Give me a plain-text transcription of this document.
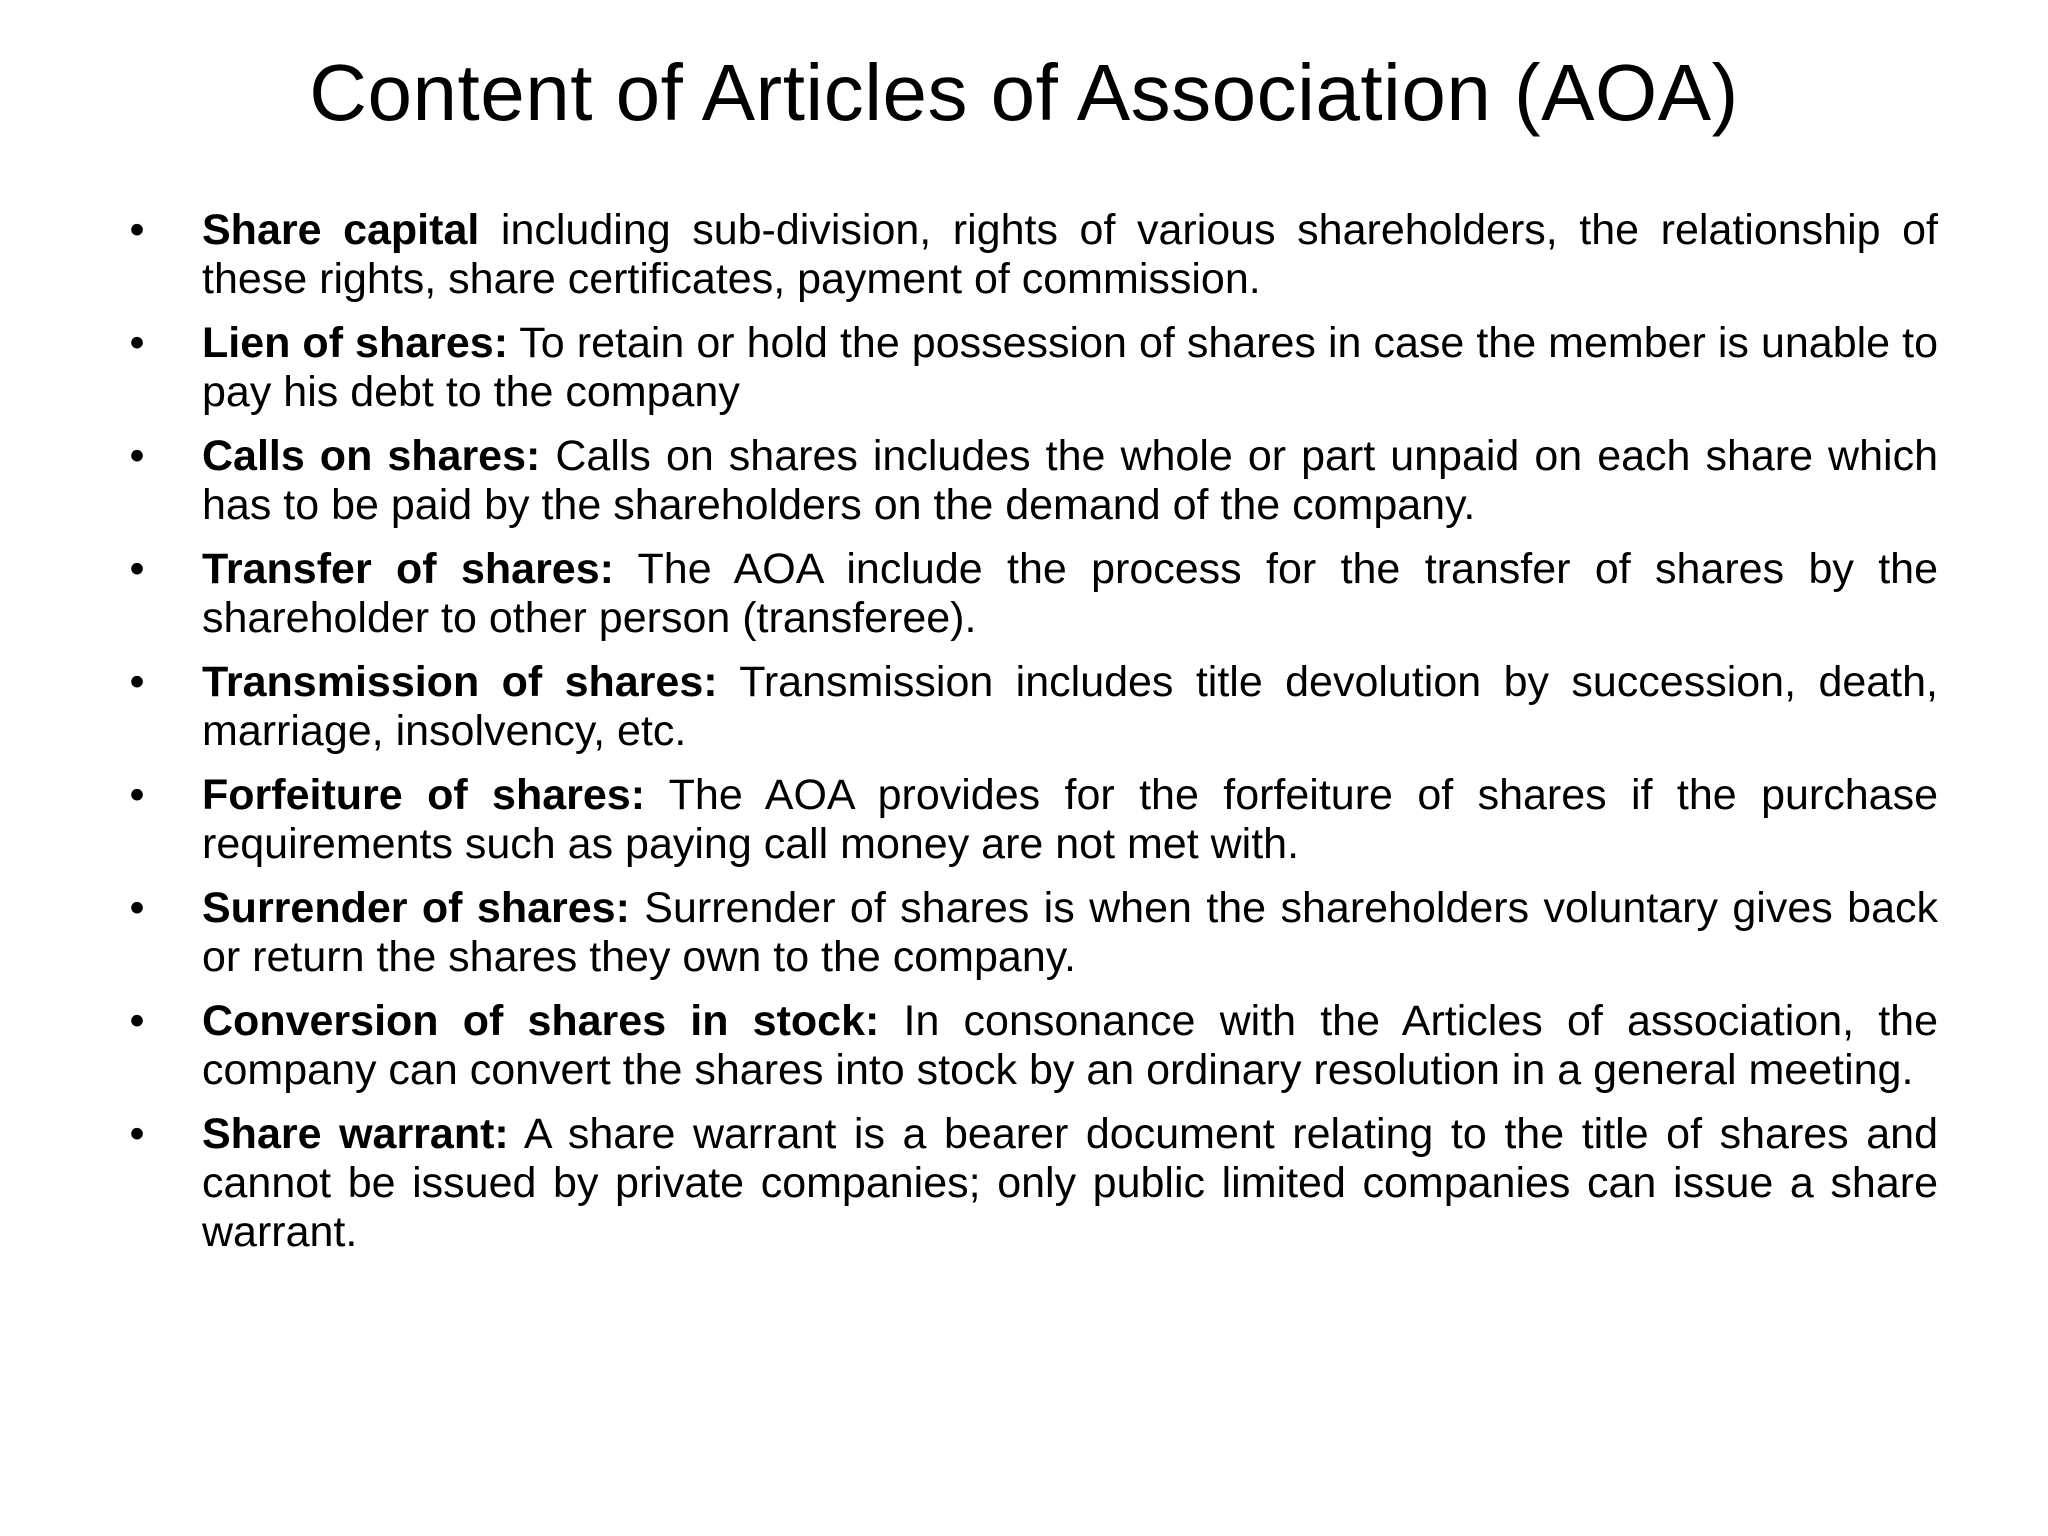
Content of Articles of Association (AOA)
• Share capital including sub-division, rights of various shareholders, the relationship of these rights, share certificates, payment of commission.
• Lien of shares: To retain or hold the possession of shares in case the member is unable to pay his debt to the company
• Calls on shares: Calls on shares includes the whole or part unpaid on each share which has to be paid by the shareholders on the demand of the company.
• Transfer of shares: The AOA include the process for the transfer of shares by the shareholder to other person (transferee).
• Transmission of shares: Transmission includes title devolution by succession, death, marriage, insolvency, etc.
• Forfeiture of shares: The AOA provides for the forfeiture of shares if the purchase requirements such as paying call money are not met with.
• Surrender of shares: Surrender of shares is when the shareholders voluntary gives back or return the shares they own to the company.
• Conversion of shares in stock: In consonance with the Articles of association, the company can convert the shares into stock by an ordinary resolution in a general meeting.
• Share warrant: A share warrant is a bearer document relating to the title of shares and cannot be issued by private companies; only public limited companies can issue a share warrant.
